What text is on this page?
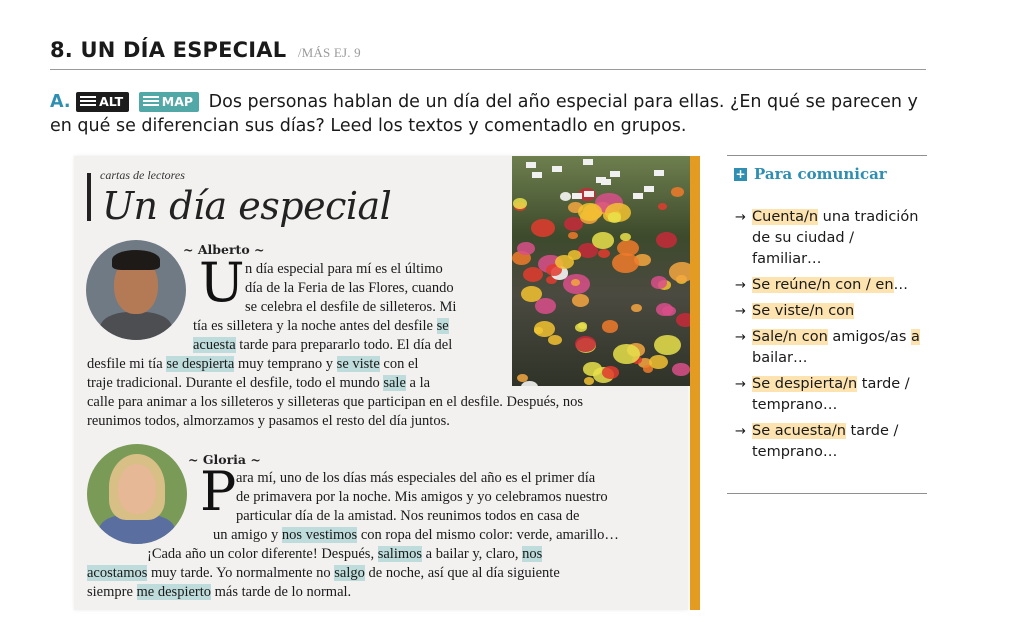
8. UN DÍA ESPECIAL /MÁS EJ. 9
A. ALT	MAP Dos personas hablan de un día del año especial para ellas. ¿En qué se parecen y en qué se diferencian sus días? Leed los textos y comentadlo en grupos.
cartas de lectores
Un día especial
~ Alberto ~
U n día especial para mí es el último
día de la Feria de las Flores, cuando
se celebra el desfile de silleteros. Mi
tía es silletera y la noche antes del desfile se
acuesta tarde para prepararlo todo. El día del
desfile mi tía se despierta muy temprano y se viste con el
traje tradicional. Durante el desfile, todo el mundo sale a la
calle para animar a los silleteros y silleteras que participan en el desfile. Después, nos
reunimos todos, almorzamos y pasamos el resto del día juntos.
~ Gloria ~
P ara mí, uno de los días más especiales del año es el primer día
de primavera por la noche. Mis amigos y yo celebramos nuestro
particular día de la amistad. Nos reunimos todos en casa de
un amigo y nos vestimos con ropa del mismo color: verde, amarillo…
¡Cada año un color diferente! Después, salimos a bailar y, claro, nos
acostamos muy tarde. Yo normalmente no salgo de noche, así que al día siguiente
siempre me despierto más tarde de lo normal.
+ Para comunicar
→ Cuenta/n una tradición de su ciudad / familiar…
→ Se reúne/n con / en…
→ Se viste/n con
→ Sale/n con amigos/as a bailar…
→ Se despierta/n tarde / temprano…
→ Se acuesta/n tarde / temprano…
